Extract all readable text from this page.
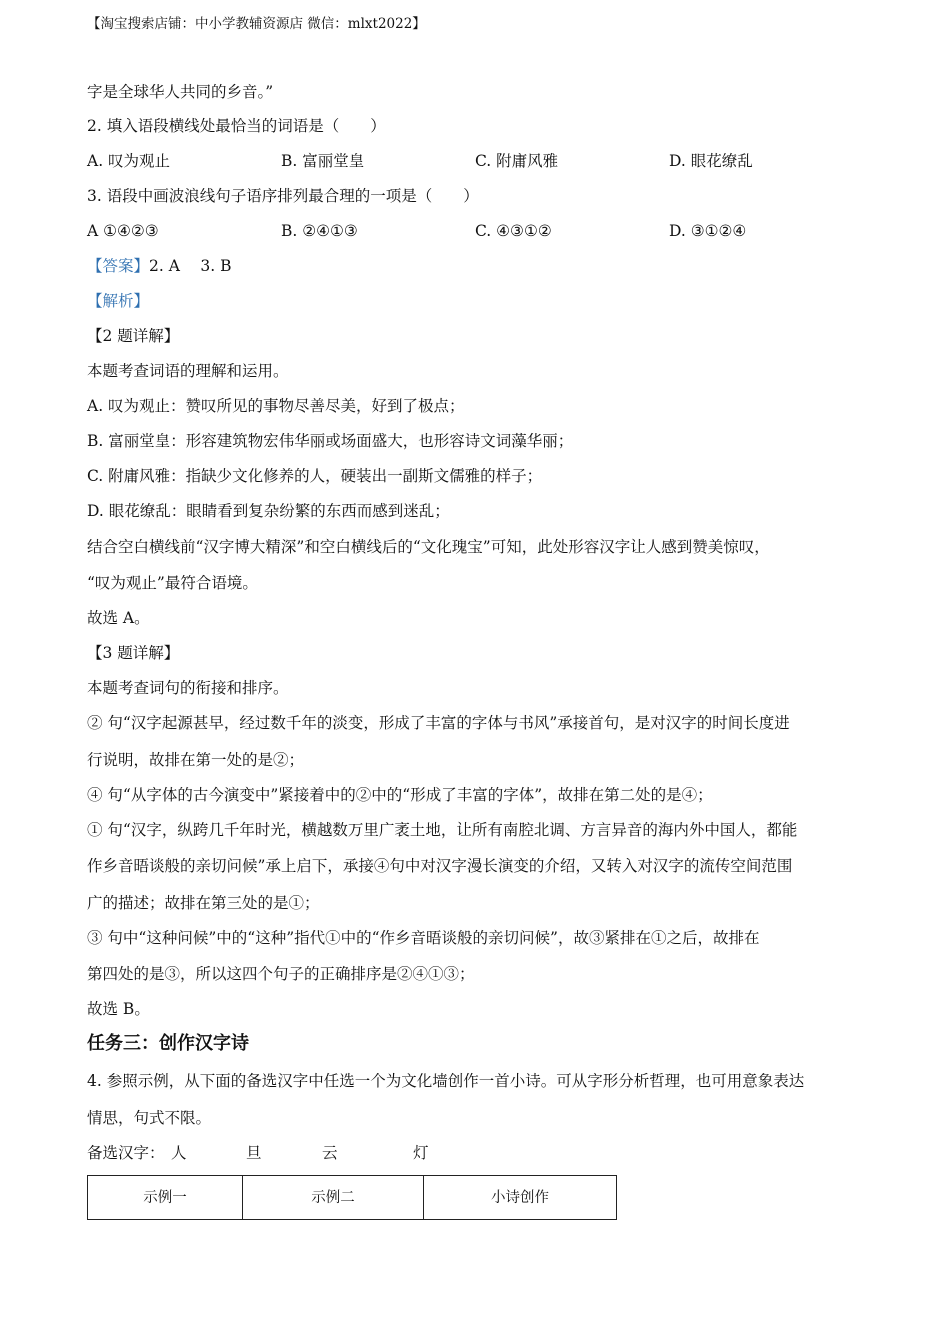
【淘宝搜索店铺：中小学教辅资源店 微信：mlxt2022】
字是全球华人共同的乡音。”
2. 填入语段横线处最恰当的词语是（　　）
A. 叹为观止	B. 富丽堂皇	C. 附庸风雅	D. 眼花缭乱
3. 语段中画波浪线句子语序排列最合理的一项是（　　）
A ①④②③	B. ②④①③	C. ④③①②	D. ③①②④
【答案】2. A　 3. B
【解析】
【2 题详解】
本题考查词语的理解和运用。
A. 叹为观止：赞叹所见的事物尽善尽美，好到了极点；
B. 富丽堂皇：形容建筑物宏伟华丽或场面盛大，也形容诗文词藻华丽；
C. 附庸风雅：指缺少文化修养的人，硬装出一副斯文儒雅的样子；
D. 眼花缭乱：眼睛看到复杂纷繁的东西而感到迷乱；
结合空白横线前“汉字博大精深”和空白横线后的“文化瑰宝”可知，此处形容汉字让人感到赞美惊叹，
“叹为观止”最符合语境。
故选 A。
【3 题详解】
本题考查词句的衔接和排序。
② 句“汉字起源甚早，经过数千年的淡变，形成了丰富的字体与书风”承接首句，是对汉字的时间长度进
行说明，故排在第一处的是②；
④ 句“从字体的古今演变中”紧接着中的②中的“形成了丰富的字体”，故排在第二处的是④；
① 句“汉字，纵跨几千年时光，横越数万里广袤土地，让所有南腔北调、方言异音的海内外中国人，都能
作乡音晤谈般的亲切问候”承上启下，承接④句中对汉字漫长演变的介绍，又转入对汉字的流传空间范围
广的描述；故排在第三处的是①；
③ 句中“这种问候”中的“这种”指代①中的“作乡音晤谈般的亲切问候”，故③紧排在①之后，故排在
第四处的是③，所以这四个句子的正确排序是②④①③；
故选 B。
任务三：创作汉字诗
4. 参照示例，从下面的备选汉字中任选一个为文化墙创作一首小诗。可从字形分析哲理，也可用意象表达
情思，句式不限。
备选汉字： 人	旦	云	灯
示例一	示例二	小诗创作
